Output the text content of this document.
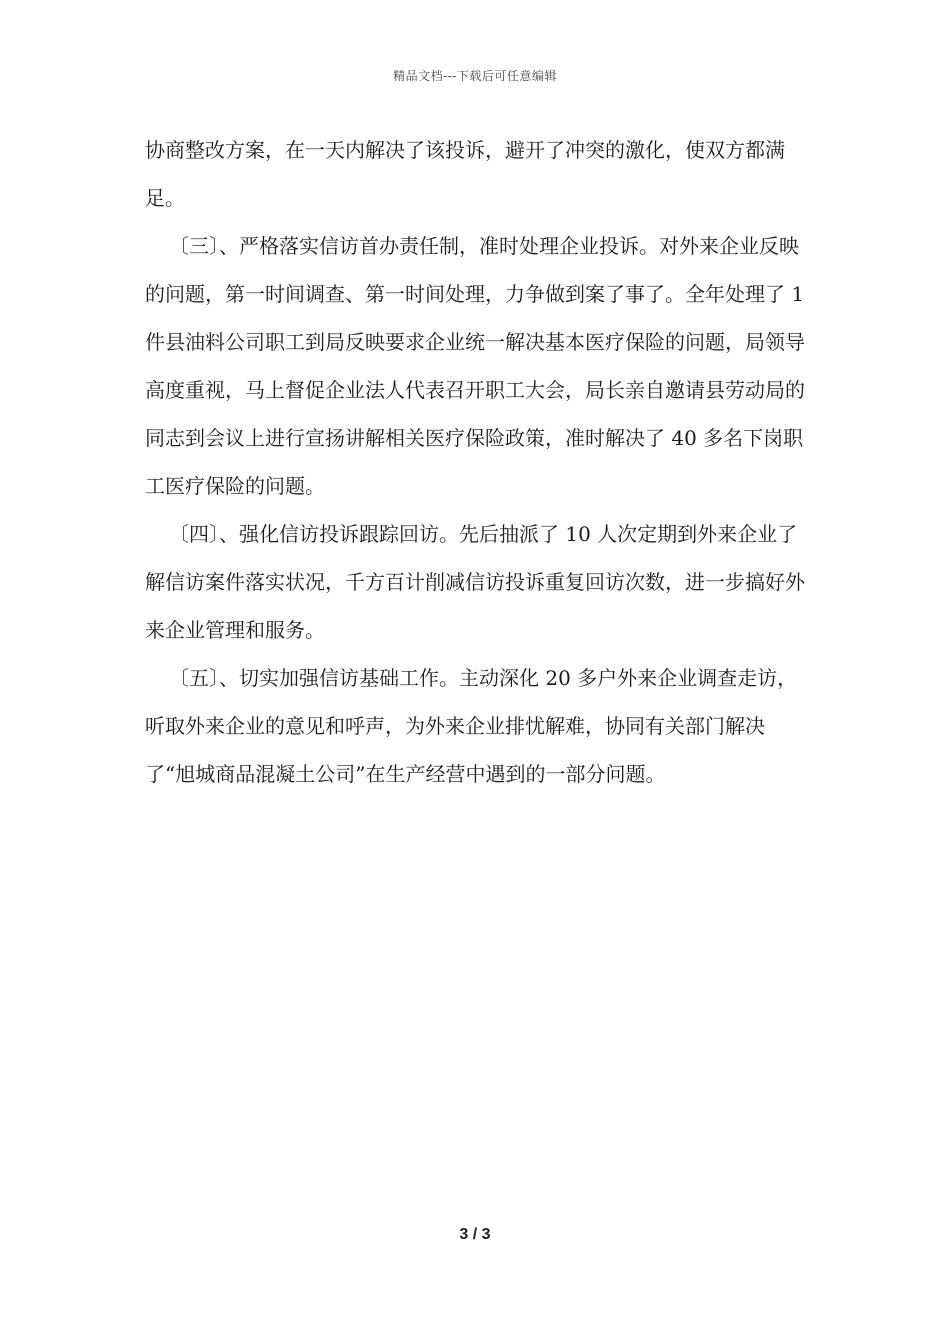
精品文档---下载后可任意编辑

协商整改方案，在一天内解决了该投诉，避开了冲突的激化，使双方都满足。

〔三〕、严格落实信访首办责任制，准时处理企业投诉。对外来企业反映的问题，第一时间调查、第一时间处理，力争做到案了事了。全年处理了 1 件县油料公司职工到局反映要求企业统一解决基本医疗保险的问题，局领导高度重视，马上督促企业法人代表召开职工大会，局长亲自邀请县劳动局的同志到会议上进行宣扬讲解相关医疗保险政策，准时解决了 40 多名下岗职工医疗保险的问题。

〔四〕、强化信访投诉跟踪回访。先后抽派了 10 人次定期到外来企业了解信访案件落实状况，千方百计削减信访投诉重复回访次数，进一步搞好外来企业管理和服务。

〔五〕、切实加强信访基础工作。主动深化 20 多户外来企业调查走访，听取外来企业的意见和呼声，为外来企业排忧解难，协同有关部门解决了“旭城商品混凝土公司”在生产经营中遇到的一部分问题。

3 / 3
